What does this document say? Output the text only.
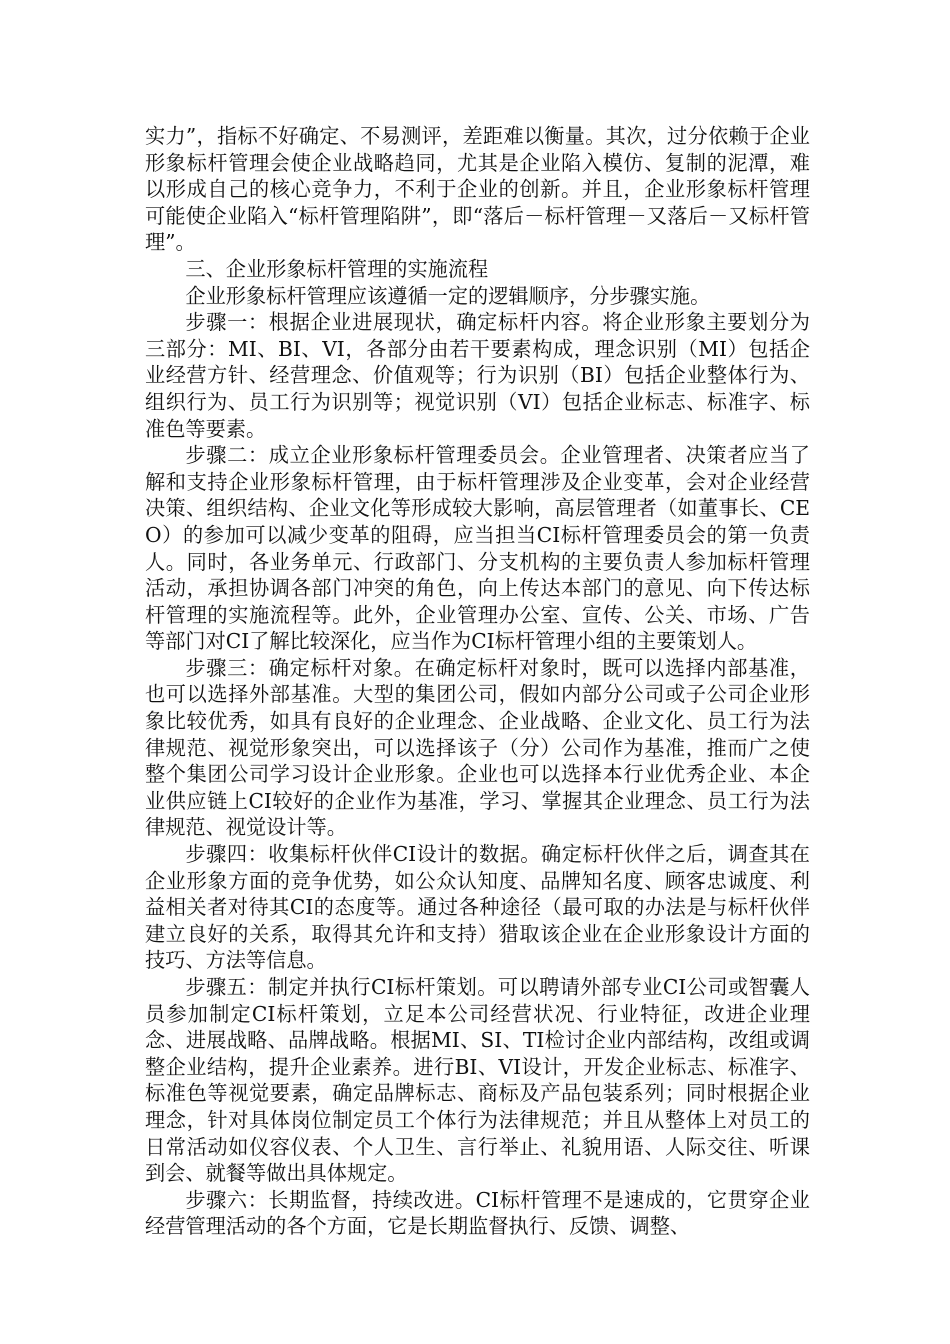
实力”，指标不好确定、不易测评，差距难以衡量。其次，过分依赖于企业形象标杆管理会使企业战略趋同，尤其是企业陷入模仿、复制的泥潭，难以形成自己的核心竞争力，不利于企业的创新。并且，企业形象标杆管理可能使企业陷入“标杆管理陷阱”，即“落后－标杆管理－又落后－又标杆管理”。

三、企业形象标杆管理的实施流程

企业形象标杆管理应该遵循一定的逻辑顺序，分步骤实施。

步骤一：根据企业进展现状，确定标杆内容。将企业形象主要划分为三部分：MI、BI、VI，各部分由若干要素构成，理念识别（MI）包括企业经营方针、经营理念、价值观等；行为识别（BI）包括企业整体行为、组织行为、员工行为识别等；视觉识别（VI）包括企业标志、标准字、标准色等要素。

步骤二：成立企业形象标杆管理委员会。企业管理者、决策者应当了解和支持企业形象标杆管理，由于标杆管理涉及企业变革，会对企业经营决策、组织结构、企业文化等形成较大影响，高层管理者（如董事长、CEO）的参加可以减少变革的阻碍，应当担当CI标杆管理委员会的第一负责人。同时，各业务单元、行政部门、分支机构的主要负责人参加标杆管理活动，承担协调各部门冲突的角色，向上传达本部门的意见、向下传达标杆管理的实施流程等。此外，企业管理办公室、宣传、公关、市场、广告等部门对CI了解比较深化，应当作为CI标杆管理小组的主要策划人。

步骤三：确定标杆对象。在确定标杆对象时，既可以选择内部基准，也可以选择外部基准。大型的集团公司，假如内部分公司或子公司企业形象比较优秀，如具有良好的企业理念、企业战略、企业文化、员工行为法律规范、视觉形象突出，可以选择该子（分）公司作为基准，推而广之使整个集团公司学习设计企业形象。企业也可以选择本行业优秀企业、本企业供应链上CI较好的企业作为基准，学习、掌握其企业理念、员工行为法律规范、视觉设计等。

步骤四：收集标杆伙伴CI设计的数据。确定标杆伙伴之后，调查其在企业形象方面的竞争优势，如公众认知度、品牌知名度、顾客忠诚度、利益相关者对待其CI的态度等。通过各种途径（最可取的办法是与标杆伙伴建立良好的关系，取得其允许和支持）猎取该企业在企业形象设计方面的技巧、方法等信息。

步骤五：制定并执行CI标杆策划。可以聘请外部专业CI公司或智囊人员参加制定CI标杆策划，立足本公司经营状况、行业特征，改进企业理念、进展战略、品牌战略。根据MI、SI、TI检讨企业内部结构，改组或调整企业结构，提升企业素养。进行BI、VI设计，开发企业标志、标准字、标准色等视觉要素，确定品牌标志、商标及产品包装系列；同时根据企业理念，针对具体岗位制定员工个体行为法律规范；并且从整体上对员工的日常活动如仪容仪表、个人卫生、言行举止、礼貌用语、人际交往、听课到会、就餐等做出具体规定。

步骤六：长期监督，持续改进。CI标杆管理不是速成的，它贯穿企业经营管理活动的各个方面，它是长期监督执行、反馈、调整、
